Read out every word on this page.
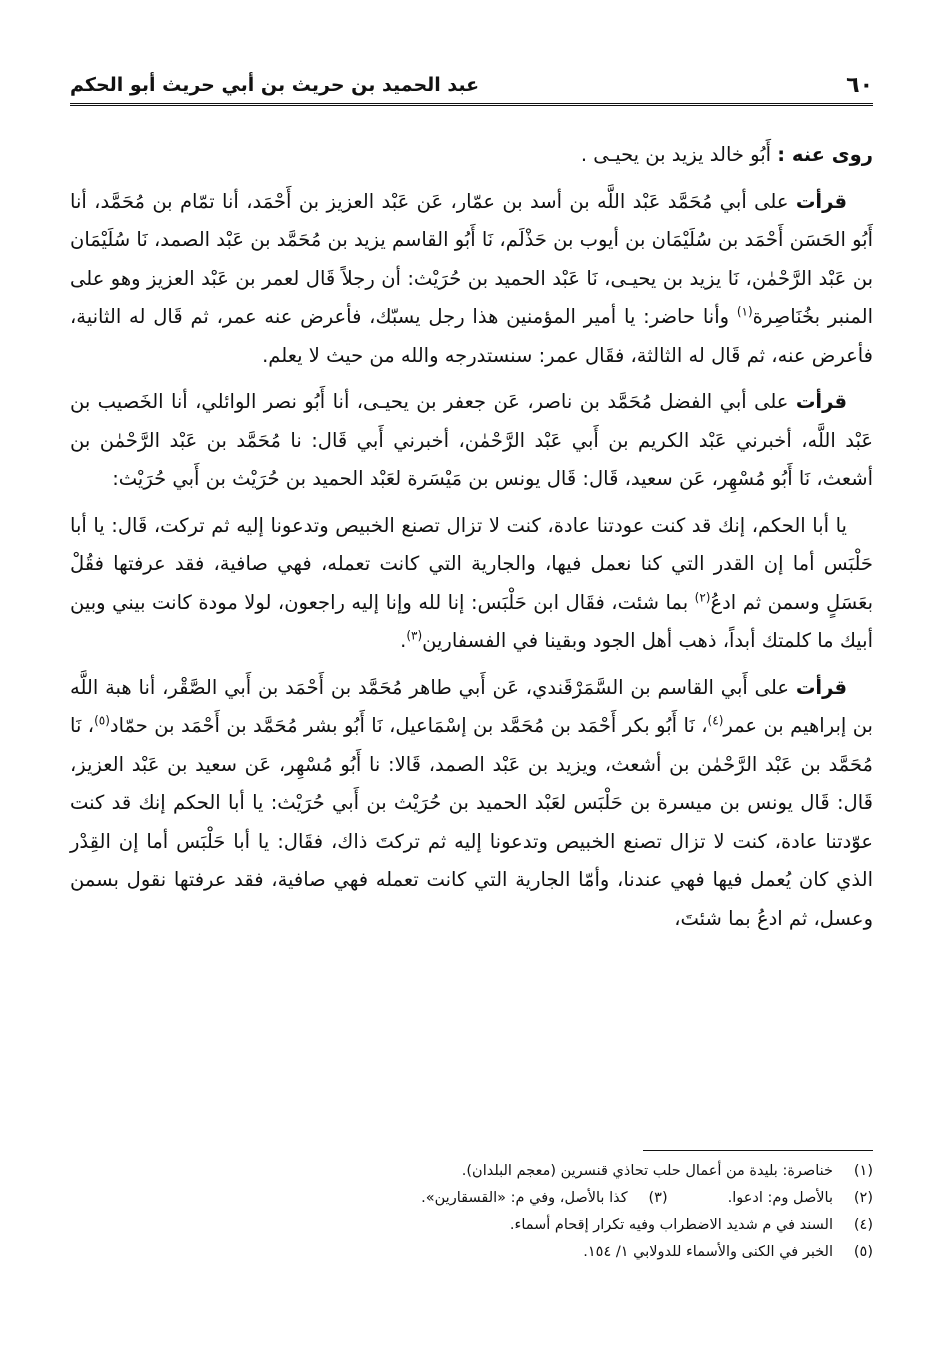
٦٠
عبد الحميد بن حريث بن أبي حريث أبو الحكم

روى عنه : أَبُو خالد يزيد بن يحيـى .

قرأت على أبي مُحَمَّد عَبْد اللَّه بن أسد بن عمّار، عَن عَبْد العزيز بن أَحْمَد، أنا تمّام بن مُحَمَّد، أنا أَبُو الحَسَن أَحْمَد بن سُلَيْمَان بن أيوب بن حَذْلَم، نَا أَبُو القاسم يزيد بن مُحَمَّد بن عَبْد الصمد، نَا سُلَيْمَان بن عَبْد الرَّحْمٰن، نَا يزيد بن يحيـى، نَا عَبْد الحميد بن حُرَيْث: أن رجلاً قَال لعمر بن عَبْد العزيز وهو على المنبر بخُنَاصِرة$^{(١)}$ وأنا حاضر: يا أمير المؤمنين هذا رجل يسبّك، فأعرض عنه عمر، ثم قَال له الثانية، فأعرض عنه، ثم قَال له الثالثة، فقَال عمر: سنستدرجه والله من حيث لا يعلم.

قرأت على أبي الفضل مُحَمَّد بن ناصر، عَن جعفر بن يحيـى، أنا أَبُو نصر الوائلي، أنا الخَصيب بن عَبْد اللَّه، أخبرني عَبْد الكريم بن أَبي عَبْد الرَّحْمٰن، أخبرني أَبي قَال: نا مُحَمَّد بن عَبْد الرَّحْمٰن بن أشعث، نَا أَبُو مُسْهِر، عَن سعيد، قَال: قَال يونس بن مَيْسَرة لعَبْد الحميد بن حُرَيْث بن أَبي حُرَيْث:

يا أبا الحكم، إنك قد كنت عودتنا عادة، كنت لا تزال تصنع الخبيص وتدعونا إليه ثم تركت، قَال: يا أبا حَلْبَس أما إن القدر التي كنا نعمل فيها، والجارية التي كانت تعمله، فهي صافية، فقد عرفتها فقُلْ بعَسَلٍ وسمن ثم ادعُ$^{(٢)}$ بما شئت، فقَال ابن حَلْبَس: إنا لله وإنا إليه راجعون، لولا مودة كانت بيني وبين أبيك ما كلمتك أبداً، ذهب أهل الجود وبقينا في الفسفارين$^{(٣)}$.

قرأت على أَبي القاسم بن السَّمَرْقَندي، عَن أَبي طاهر مُحَمَّد بن أَحْمَد بن أَبي الصَّقْر، أنا هبة اللَّه بن إبراهيم بن عمر$^{(٤)}$، نَا أَبُو بكر أَحْمَد بن مُحَمَّد بن إسْمَاعيل، نَا أَبُو بشر مُحَمَّد بن أَحْمَد بن حمّاد$^{(٥)}$، نَا مُحَمَّد بن عَبْد الرَّحْمٰن بن أشعث، ويزيد بن عَبْد الصمد، قَالا: نا أَبُو مُسْهِر، عَن سعيد بن عَبْد العزيز، قَال: قَال يونس بن ميسرة بن حَلْبَس لعَبْد الحميد بن حُرَيْث بن أَبي حُرَيْث: يا أبا الحكم إنك قد كنت عوّدتنا عادة، كنت لا تزال تصنع الخبيص وتدعونا إليه ثم تركتَ ذاك، فقَال: يا أبا حَلْبَس أما إن القِدْر الذي كان يُعمل فيها فهي عندنا، وأمّا الجارية التي كانت تعمله فهي صافية، فقد عرفتها نقول بسمن وعسل، ثم ادعُ بما شئتَ،

(١)
خناصرة: بليدة من أعمال حلب تحاذي قنسرين (معجم البلدان).
(٢)
بالأصل وم: ادعوا.
(٣)
كذا بالأصل، وفي م: «القسقارين».
(٤)
السند في م شديد الاضطراب وفيه تكرار إقحام أسماء.
(٥)
الخبر في الكنى والأسماء للدولابي ١/ ١٥٤.
